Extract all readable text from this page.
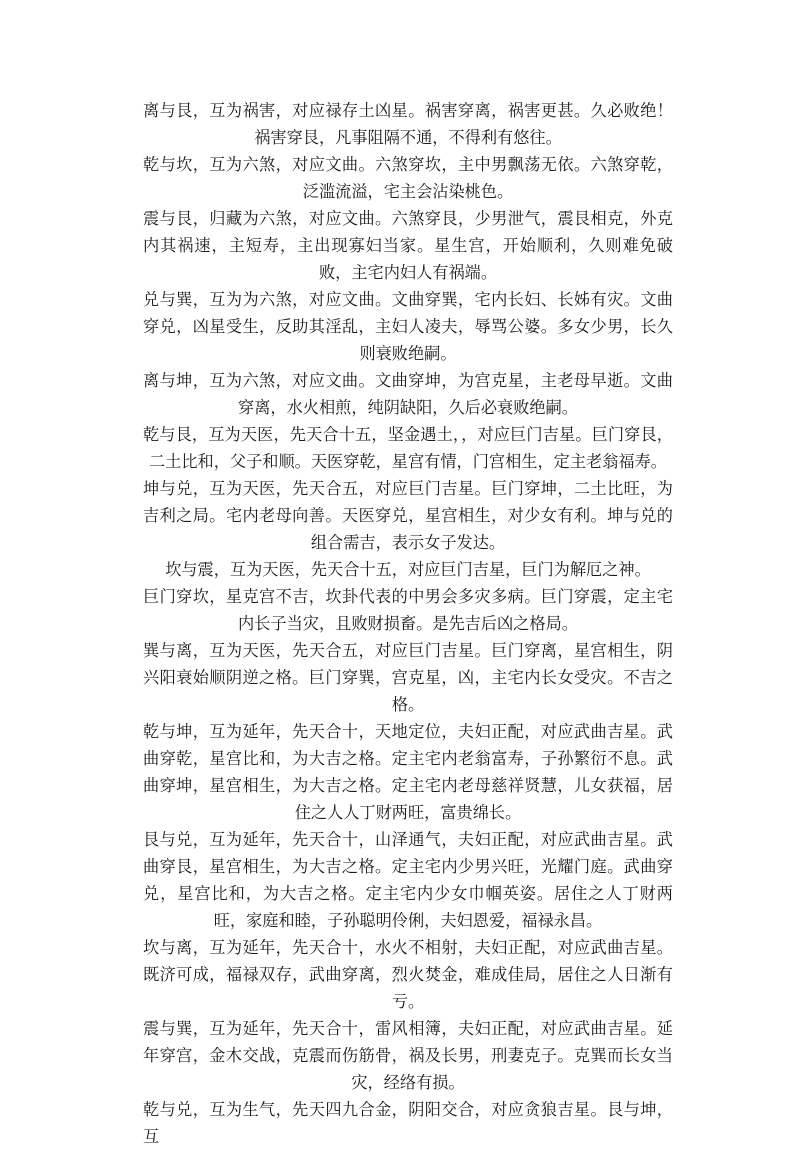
离与艮，互为祸害，对应禄存土凶星。祸害穿离，祸害更甚。久必败绝！祸害穿艮，凡事阻隔不通，不得利有悠往。

乾与坎，互为六煞，对应文曲。六煞穿坎，主中男飘荡无依。六煞穿乾，泛滥流溢，宅主会沾染桃色。

震与艮，归藏为六煞，对应文曲。六煞穿艮，少男泄气，震艮相克，外克内其祸速，主短寿，主出现寡妇当家。星生宫，开始顺利，久则难免破败，主宅内妇人有祸端。

兑与巽，互为为六煞，对应文曲。文曲穿巽，宅内长妇、长姊有灾。文曲穿兑，凶星受生，反助其淫乱，主妇人凌夫，辱骂公婆。多女少男，长久则衰败绝嗣。

离与坤，互为六煞，对应文曲。文曲穿坤，为宫克星，主老母早逝。文曲穿离，水火相煎，纯阴缺阳，久后必衰败绝嗣。

乾与艮，互为天医，先天合十五，坚金遇土，，对应巨门吉星。巨门穿艮，二土比和，父子和顺。天医穿乾，星宫有情，门宫相生，定主老翁福寿。

坤与兑，互为天医，先天合五，对应巨门吉星。巨门穿坤，二土比旺，为吉利之局。宅内老母向善。天医穿兑，星宫相生，对少女有利。坤与兑的组合需吉，表示女子发达。

坎与震，互为天医，先天合十五，对应巨门吉星，巨门为解厄之神。

巨门穿坎，星克宫不吉，坎卦代表的中男会多灾多病。巨门穿震，定主宅内长子当灾，且败财损畜。是先吉后凶之格局。

巽与离，互为天医，先天合五，对应巨门吉星。巨门穿离，星宫相生，阴兴阳衰始顺阴逆之格。巨门穿巽，宫克星，凶，主宅内长女受灾。不吉之格。

乾与坤，互为延年，先天合十，天地定位，夫妇正配，对应武曲吉星。武曲穿乾，星宫比和，为大吉之格。定主宅内老翁富寿，子孙繁衍不息。武曲穿坤，星宫相生，为大吉之格。定主宅内老母慈祥贤慧，儿女获福，居住之人人丁财两旺，富贵绵长。

艮与兑，互为延年，先天合十，山泽通气，夫妇正配，对应武曲吉星。武曲穿艮，星宫相生，为大吉之格。定主宅内少男兴旺，光耀门庭。武曲穿兑，星宫比和，为大吉之格。定主宅内少女巾帼英姿。居住之人丁财两旺，家庭和睦，子孙聪明伶俐，夫妇恩爱，福禄永昌。

坎与离，互为延年，先天合十，水火不相射，夫妇正配，对应武曲吉星。既济可成，福禄双存，武曲穿离，烈火焚金，难成佳局，居住之人日渐有亏。

震与巽，互为延年，先天合十，雷风相簿，夫妇正配，对应武曲吉星。延年穿宫，金木交战，克震而伤筋骨，祸及长男，刑妻克子。克巽而长女当灾，经络有损。

乾与兑，互为生气，先天四九合金，阴阳交合，对应贪狼吉星。艮与坤，互
